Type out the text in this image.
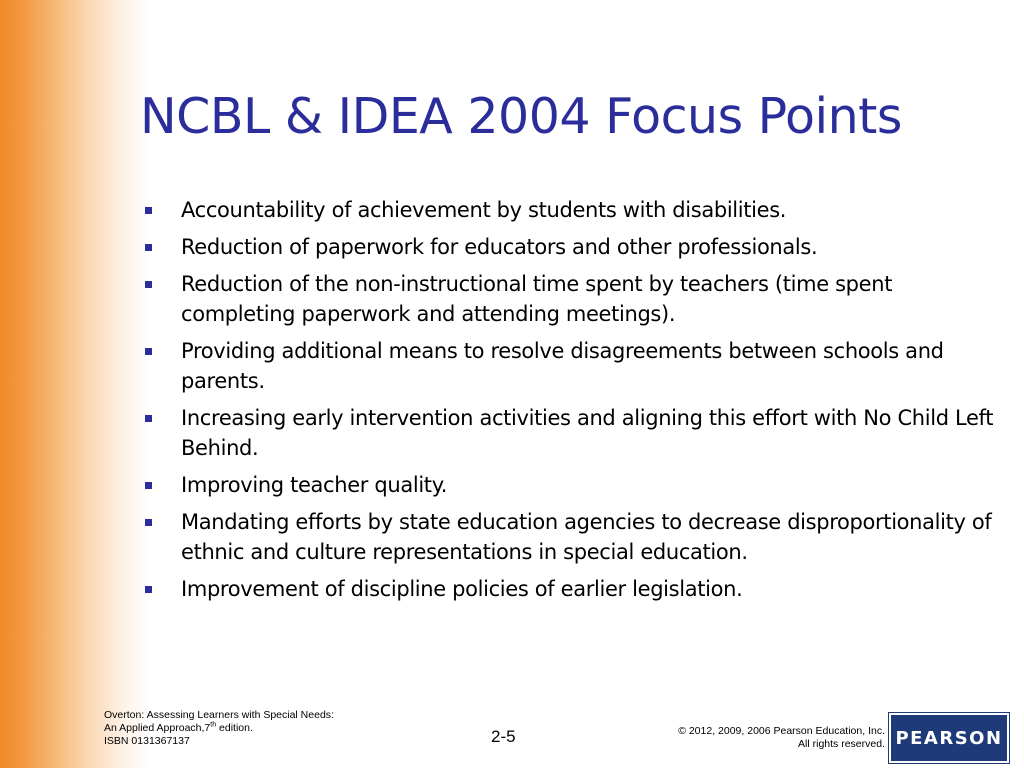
NCBL & IDEA 2004 Focus Points
Accountability of achievement by students with disabilities.
Reduction of paperwork for educators and other professionals.
Reduction of the non-instructional time spent by teachers (time spent completing paperwork and attending meetings).
Providing additional means to resolve disagreements between schools and parents.
Increasing early intervention activities and aligning this effort with No Child Left Behind.
Improving teacher quality.
Mandating efforts by state education agencies to decrease disproportionality of ethnic and culture representations in special education.
Improvement of discipline policies of earlier legislation.
Overton: Assessing Learners with Special Needs:
An Applied Approach,7th edition.
ISBN 0131367137	2-5	© 2012, 2009, 2006 Pearson Education, Inc.
All rights reserved. PEARSON
